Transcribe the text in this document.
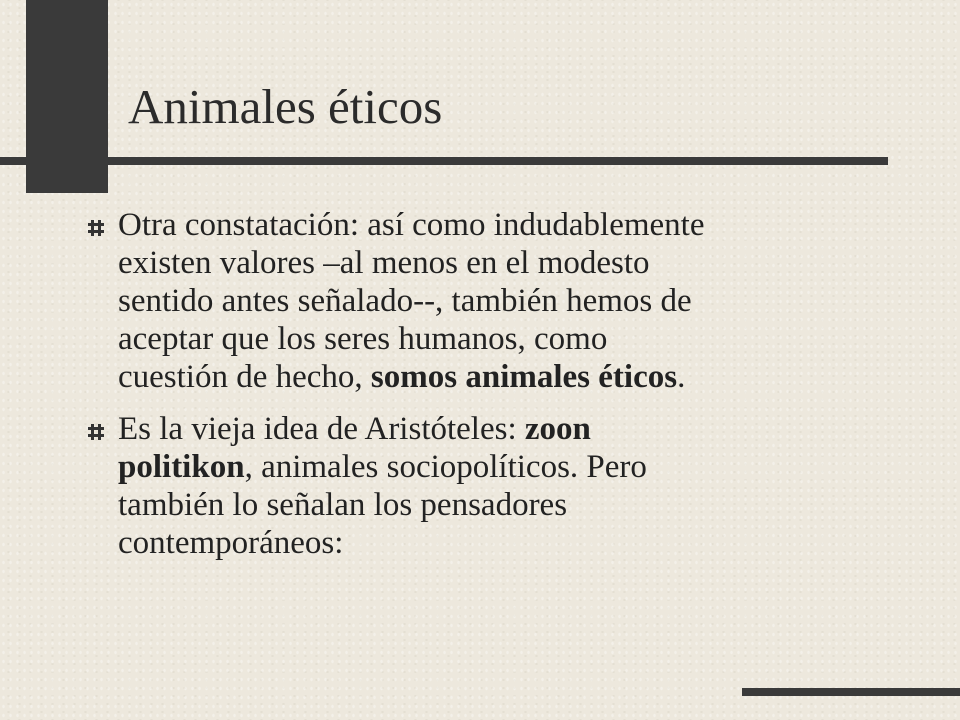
Animales éticos
Otra constatación: así como indudablemente
existen valores –al menos en el modesto
sentido antes señalado--, también hemos de
aceptar que los seres humanos, como
cuestión de hecho, somos animales éticos.
Es la vieja idea de Aristóteles: zoon
politikon, animales sociopolíticos. Pero
también lo señalan los pensadores
contemporáneos:
